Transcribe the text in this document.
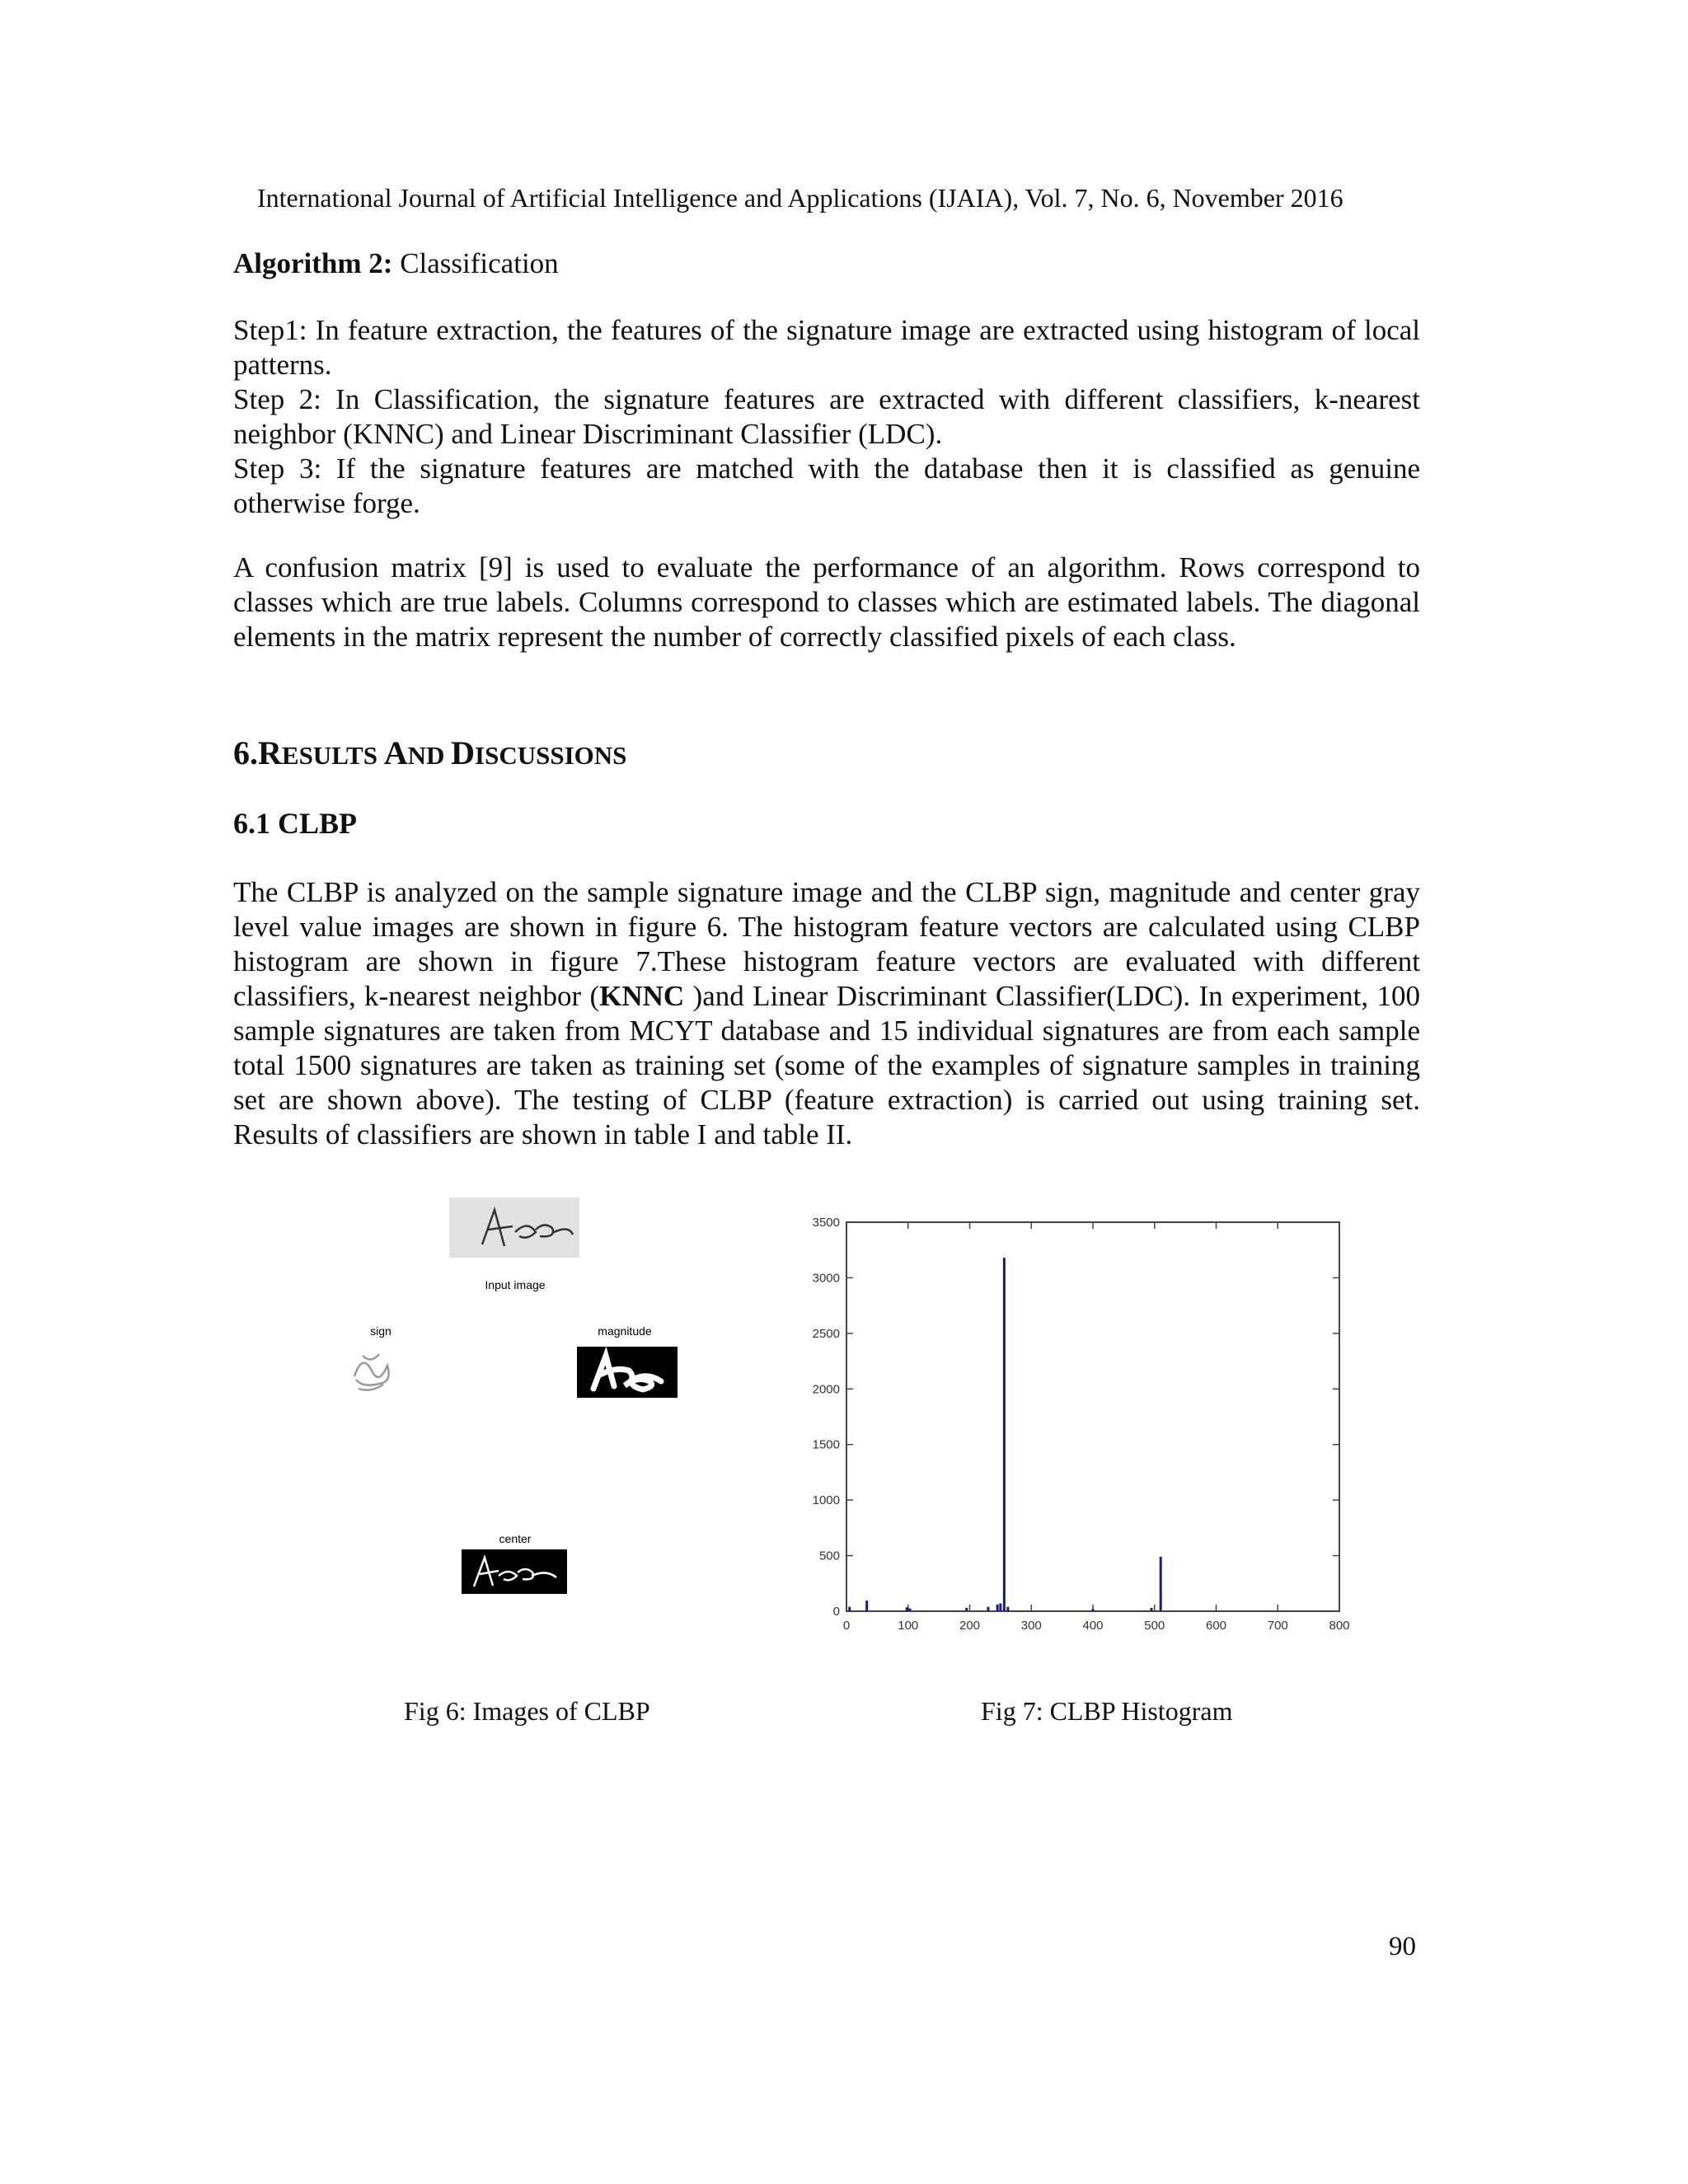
International Journal of Artificial Intelligence and Applications (IJAIA), Vol. 7, No. 6, November 2016
Algorithm 2: Classification
Step1: In feature extraction, the features of the signature image are extracted using histogram of local patterns.
Step 2: In Classification, the signature features are extracted with different classifiers, k-nearest neighbor (KNNC) and Linear Discriminant Classifier (LDC).
Step 3: If the signature features are matched with the database then it is classified as genuine otherwise forge.
A confusion matrix [9] is used to evaluate the performance of an algorithm. Rows correspond to classes which are true labels. Columns correspond to classes which are estimated labels. The diagonal elements in the matrix represent the number of correctly classified pixels of each class.
6.RESULTS AND DISCUSSIONS
6.1 CLBP
The CLBP is analyzed on the sample signature image and the CLBP sign, magnitude and center gray level value images are shown in figure 6. The histogram feature vectors are calculated using CLBP histogram are shown in figure 7.These histogram feature vectors are evaluated with different classifiers, k-nearest neighbor (KNNC )and Linear Discriminant Classifier(LDC). In experiment, 100 sample signatures are taken from MCYT database and 15 individual signatures are from each sample total 1500 signatures are taken as training set (some of the examples of signature samples in training set are shown above). The testing of CLBP (feature extraction) is carried out using training set. Results of classifiers are shown in table I and table II.
Input image
sign	magnitude
center
Fig 6: Images of CLBP
0	100	200	300	400	500	600	700	800
0
500
1000
1500
2000
2500
3000
3500
Fig 7: CLBP Histogram
90
